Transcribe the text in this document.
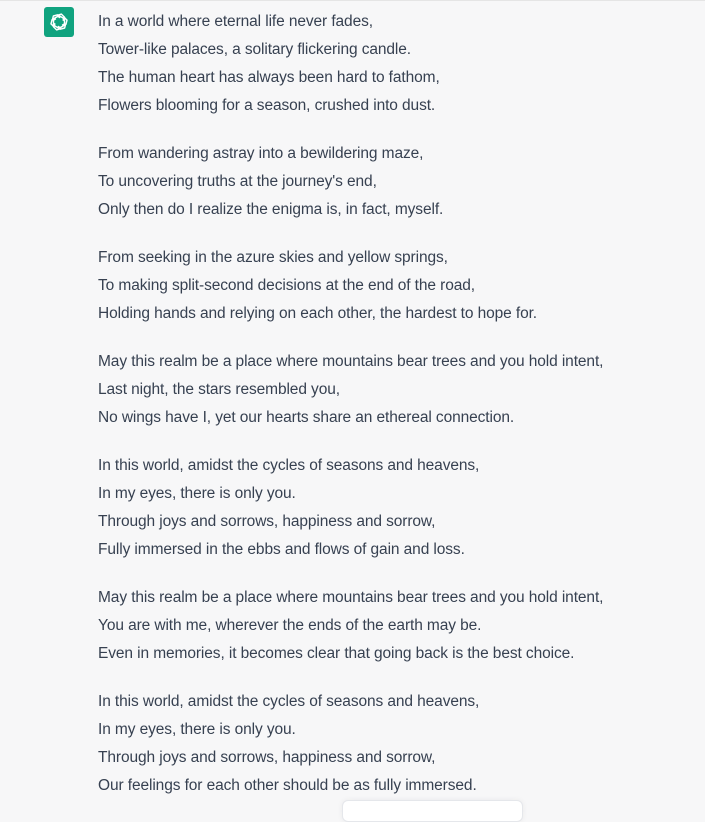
In a world where eternal life never fades,
Tower-like palaces, a solitary flickering candle.
The human heart has always been hard to fathom,
Flowers blooming for a season, crushed into dust.
From wandering astray into a bewildering maze,
To uncovering truths at the journey's end,
Only then do I realize the enigma is, in fact, myself.
From seeking in the azure skies and yellow springs,
To making split-second decisions at the end of the road,
Holding hands and relying on each other, the hardest to hope for.
May this realm be a place where mountains bear trees and you hold intent,
Last night, the stars resembled you,
No wings have I, yet our hearts share an ethereal connection.
In this world, amidst the cycles of seasons and heavens,
In my eyes, there is only you.
Through joys and sorrows, happiness and sorrow,
Fully immersed in the ebbs and flows of gain and loss.
May this realm be a place where mountains bear trees and you hold intent,
You are with me, wherever the ends of the earth may be.
Even in memories, it becomes clear that going back is the best choice.
In this world, amidst the cycles of seasons and heavens,
In my eyes, there is only you.
Through joys and sorrows, happiness and sorrow,
Our feelings for each other should be as fully immersed.
